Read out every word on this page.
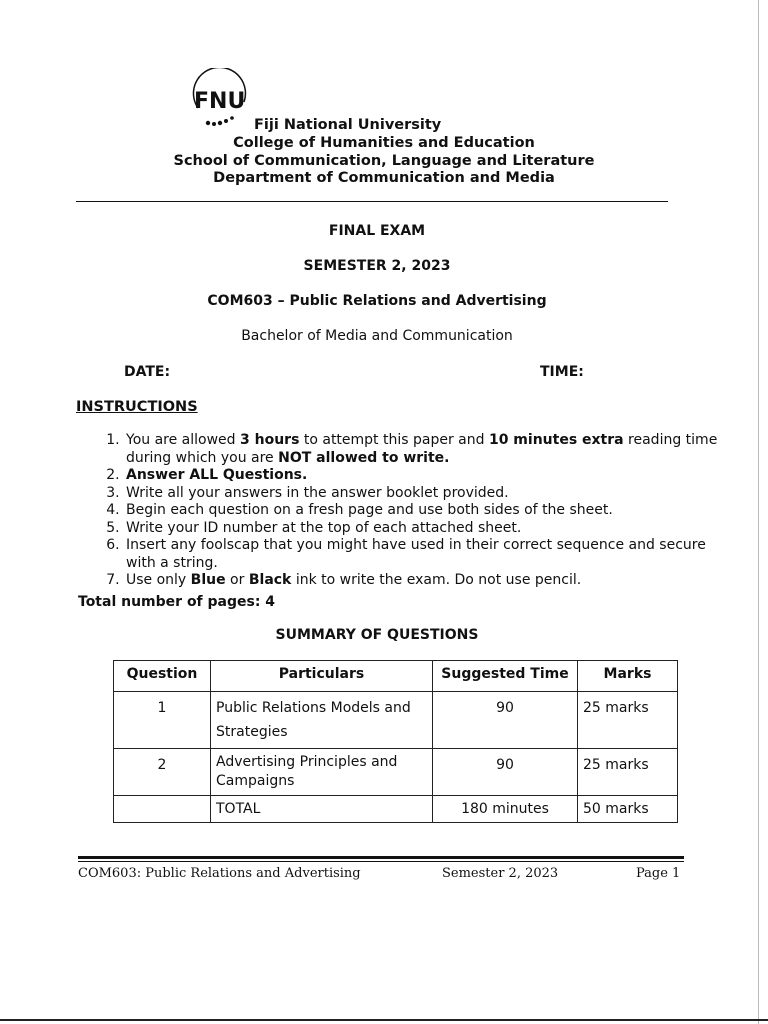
FNU
Fiji National University
College of Humanities and Education
School of Communication, Language and Literature
Department of Communication and Media
FINAL EXAM
SEMESTER 2, 2023
COM603 – Public Relations and Advertising
Bachelor of Media and Communication
DATE:	TIME:
INSTRUCTIONS
1. You are allowed 3 hours to attempt this paper and 10 minutes extra reading time during which you are NOT allowed to write.
2. Answer ALL Questions.
3. Write all your answers in the answer booklet provided.
4. Begin each question on a fresh page and use both sides of the sheet.
5. Write your ID number at the top of each attached sheet.
6. Insert any foolscap that you might have used in their correct sequence and secure with a string.
7. Use only Blue or Black ink to write the exam. Do not use pencil.
Total number of pages: 4
SUMMARY OF QUESTIONS
Question	Particulars	Suggested Time	Marks
1	Public Relations Models and Strategies	90	25 marks
2	Advertising Principles and Campaigns	90	25 marks
	TOTAL	180 minutes	50 marks
COM603: Public Relations and Advertising	Semester 2, 2023	Page 1
